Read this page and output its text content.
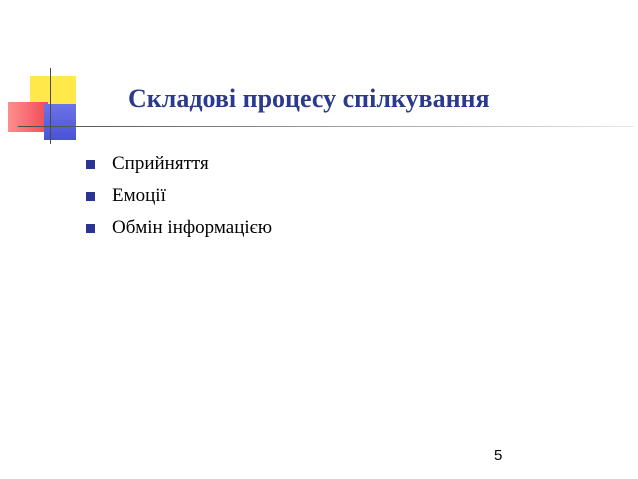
Складові процесу спілкування
Сприйняття
Емоції
Обмін інформацією
5
